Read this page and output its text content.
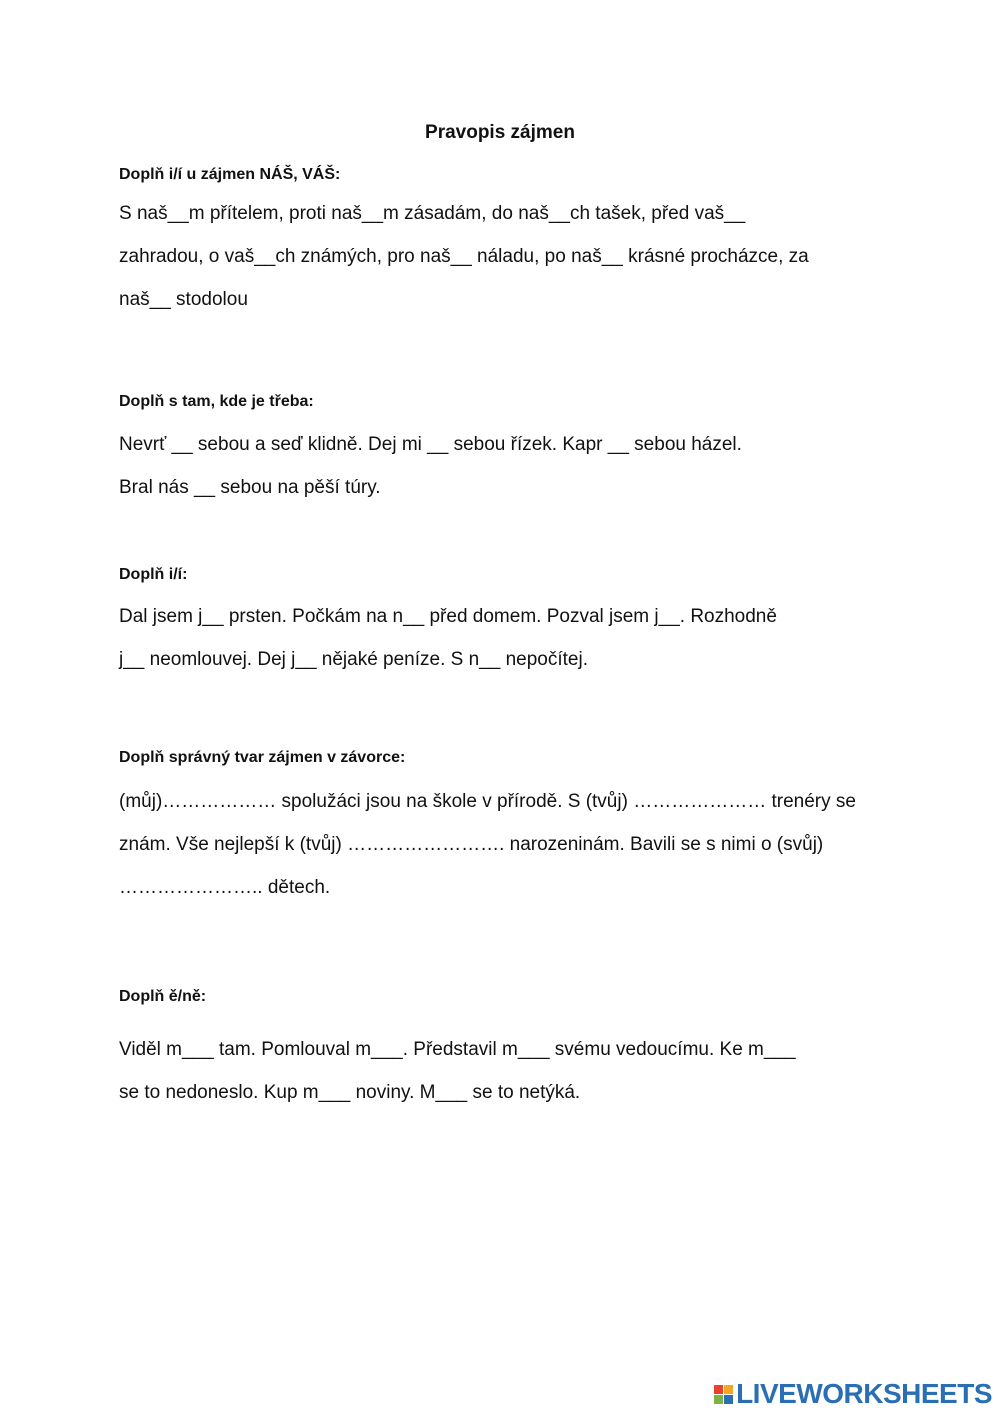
Pravopis zájmen

Doplň i/í u zájmen NÁŠ, VÁŠ:

S naš__m přítelem, proti naš__m zásadám, do naš__ch tašek, před vaš__

zahradou, o vaš__ch známých, pro naš__ náladu, po naš__ krásné procházce, za

naš__ stodolou

Doplň s tam, kde je třeba:

Nevrť __ sebou a seď klidně. Dej mi __ sebou řízek. Kapr __ sebou házel.

Bral nás __ sebou na pěší túry.

Doplň i/í:

Dal jsem j__ prsten. Počkám na n__ před domem. Pozval jsem j__. Rozhodně

j__ neomlouvej. Dej j__ nějaké peníze. S n__ nepočítej.

Doplň správný tvar zájmen v závorce:

(můj)……………… spolužáci jsou na škole v přírodě. S (tvůj) ………………… trenéry se

znám. Vše nejlepší k (tvůj) ……………………. narozeninám. Bavili se s nimi o (svůj)

………………….. dětech.

Doplň ě/ně:

Viděl m___ tam. Pomlouval m___. Představil m___ svému vedoucímu. Ke m___

se to nedoneslo. Kup m___ noviny. M___ se to netýká.

LIVEWORKSHEETS
